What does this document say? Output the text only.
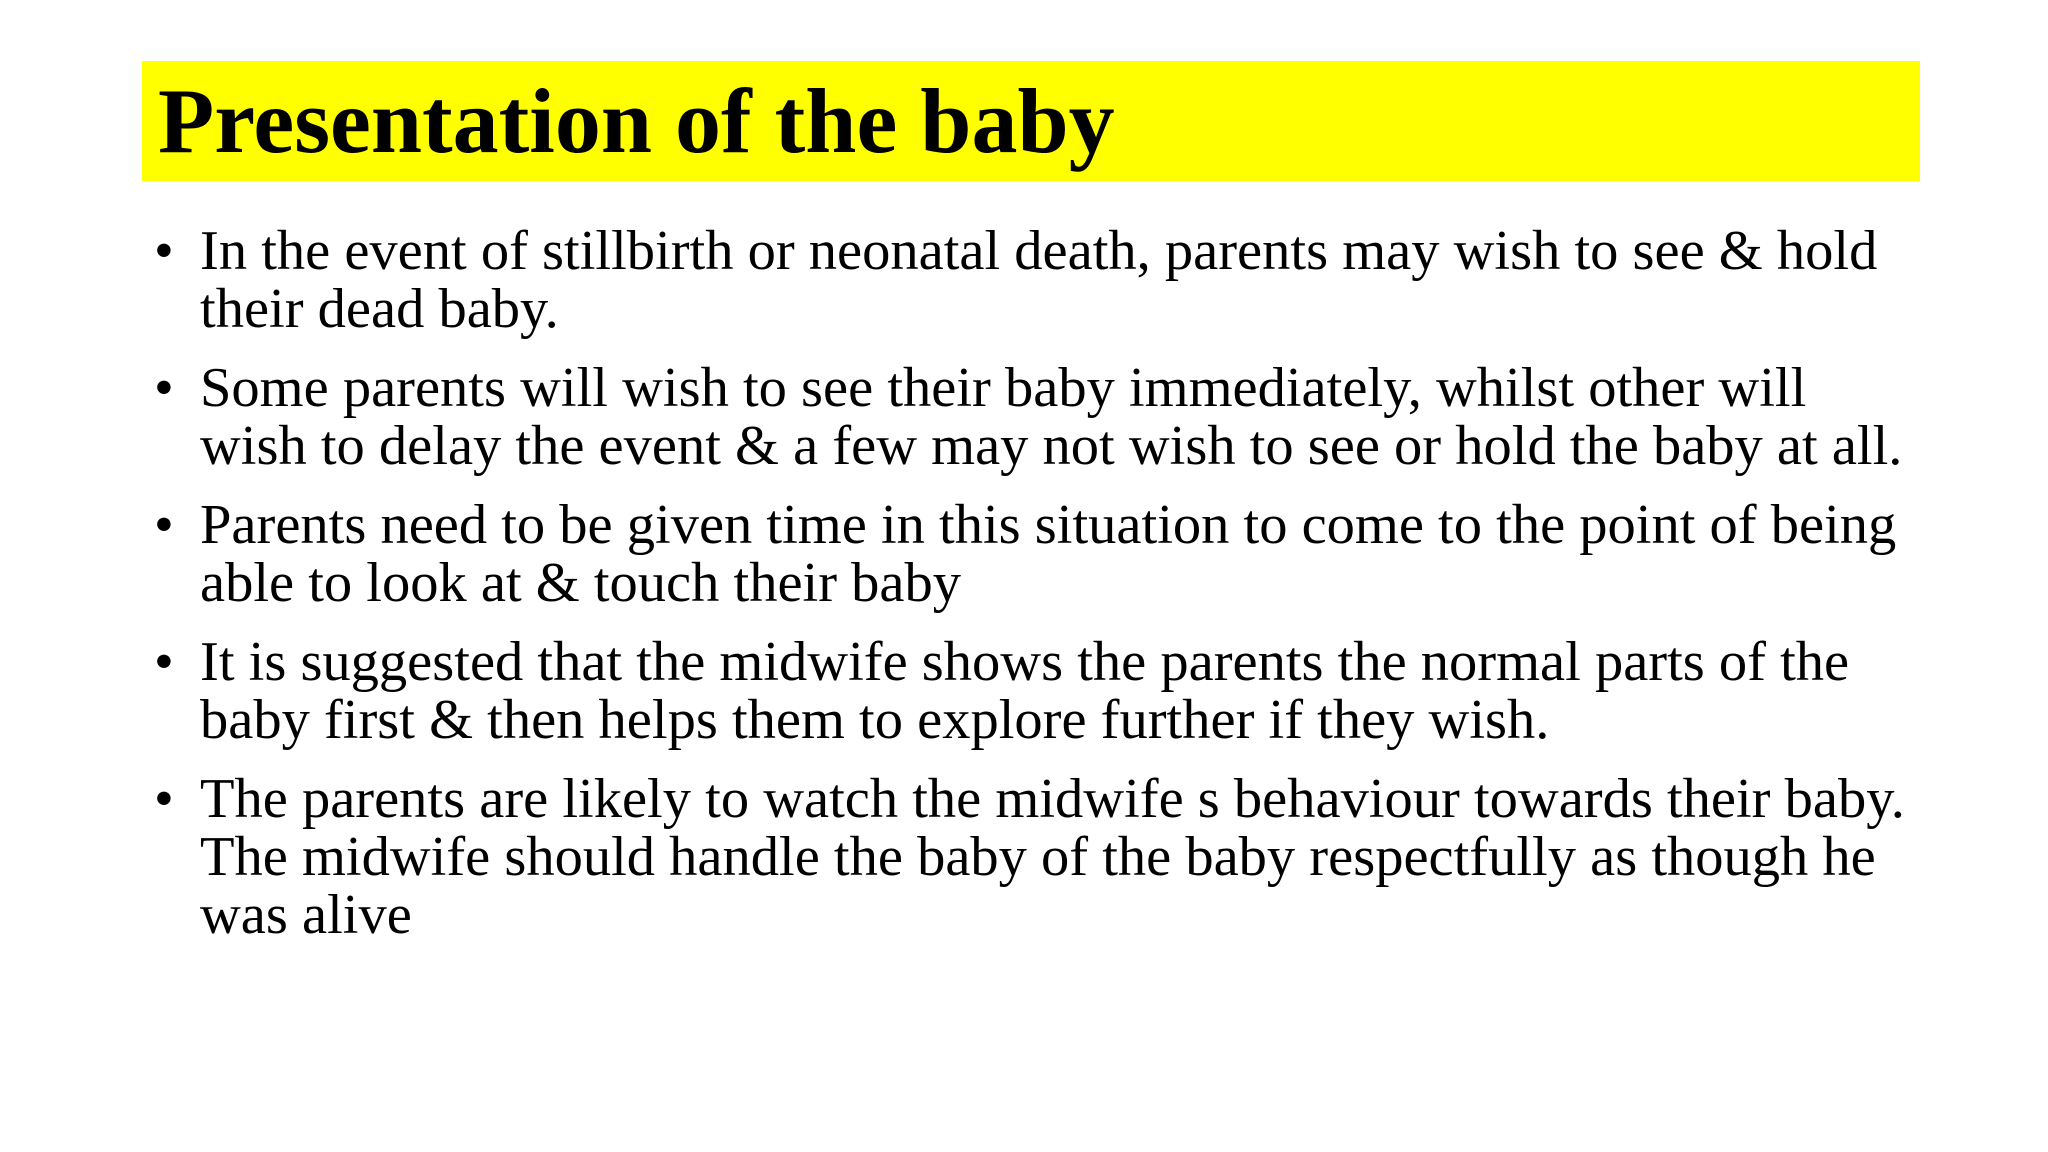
Presentation of the baby
• In the event of stillbirth or neonatal death, parents may wish to see & hold their dead baby.
• Some parents will wish to see their baby immediately, whilst other will wish to delay the event & a few may not wish to see or hold the baby at all.
• Parents need to be given time in this situation to come to the point of being able to look at & touch their baby
• It is suggested that the midwife shows the parents the normal parts of the baby first & then helps them to explore further if they wish.
• The parents are likely to watch the midwife s behaviour towards their baby. The midwife should handle the baby of the baby respectfully as though he was alive
